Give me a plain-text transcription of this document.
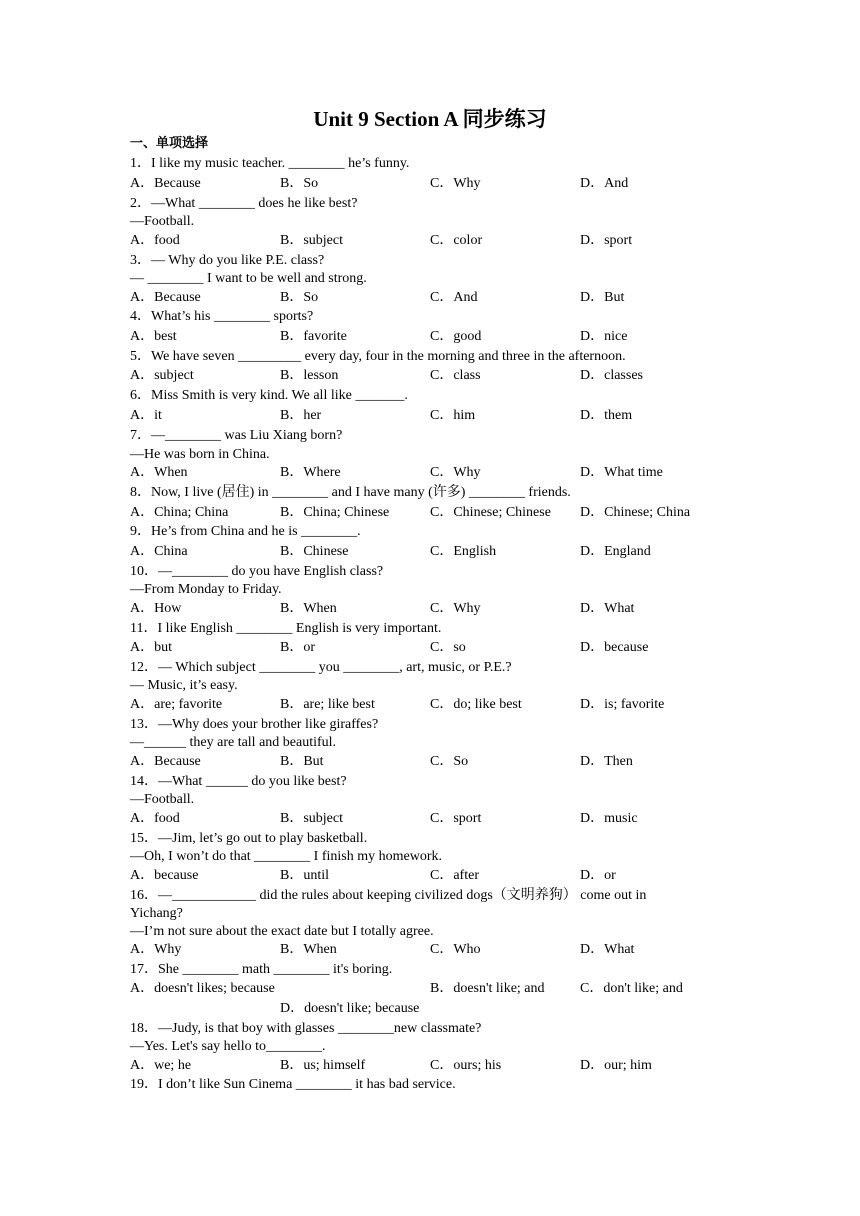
Unit 9 Section A 同步练习
一、单项选择
1．I like my music teacher. ________ he’s funny.
A．Because	B．So	C．Why	D．And
2．—What ________ does he like best?
—Football.
A．food	B．subject	C．color	D．sport
3．— Why do you like P.E. class?
— ________ I want to be well and strong.
A．Because	B．So	C．And	D．But
4．What’s his ________ sports?
A．best	B．favorite	C．good	D．nice
5．We have seven _________ every day, four in the morning and three in the afternoon.
A．subject	B．lesson	C．class	D．classes
6．Miss Smith is very kind. We all like _______.
A．it	B．her	C．him	D．them
7．—________ was Liu Xiang born?
—He was born in China.
A．When	B．Where	C．Why	D．What time
8．Now, I live (居住) in ________ and I have many (许多) ________ friends.
A．China; China	B．China; Chinese	C．Chinese; Chinese D．Chinese; China
9．He’s from China and he is ________.
A．China	B．Chinese	C．English	D．England
10．—________ do you have English class?
—From Monday to Friday.
A．How	B．When	C．Why	D．What
11．I like English ________ English is very important.
A．but	B．or	C．so	D．because
12．— Which subject ________ you ________, art, music, or P.E.?
— Music, it’s easy.
A．are; favorite	B．are; like best	C．do; like best	D．is; favorite
13．—Why does your brother like giraffes?
—______ they are tall and beautiful.
A．Because	B．But	C．So	D．Then
14．—What ______ do you like best?
—Football.
A．food	B．subject	C．sport	D．music
15．—Jim, let’s go out to play basketball.
—Oh, I won’t do that ________ I finish my homework.
A．because	B．until	C．after	D．or
16．—____________ did the rules about keeping civilized dogs（文明养狗） come out in
Yichang?
—I’m not sure about the exact date but I totally agree.
A．Why	B．When	C．Who	D．What
17．She ________ math ________ it's boring.
A．doesn't likes; because	B．doesn't like; and	C．don't like; and
D．doesn't like; because
18．—Judy, is that boy with glasses ________new classmate?
—Yes. Let's say hello to________.
A．we; he	B．us; himself	C．ours; his	D．our; him
19．I don’t like Sun Cinema ________ it has bad service.
